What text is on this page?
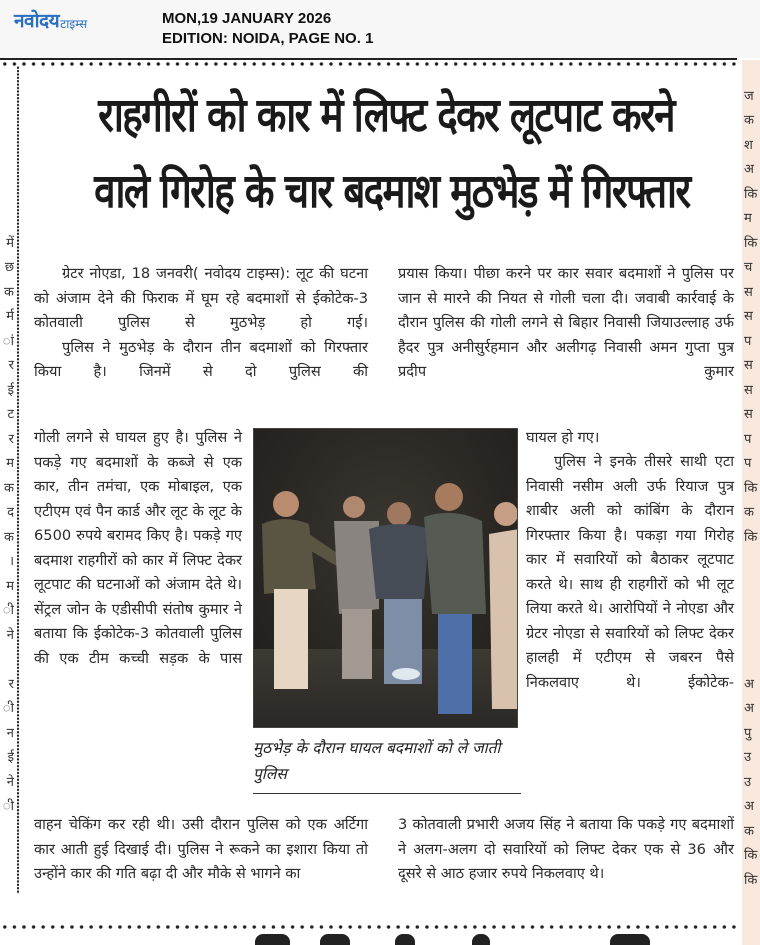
नवोदय टाइम्स	MON,19 JANUARY 2026
EDITION: NOIDA, PAGE NO. 1

में
छ
क
र्म
ां
र
ई
ट
र
म
क
द
क
।
म
ी
ने

र
ी
न
ई
ने
ी

ज
क
श
अ
कि
म
कि
च
स
स
प
स
स
स
प
प
कि
क
कि

अ
अ
पु
उ
उ
अ
क
कि
कि
राहगीरों को कार में लिफ्ट देकर लूटपाट करने
वाले गिरोह के चार बदमाश मुठभेड़ में गिरफ्तार

ग्रेटर नोएडा, 18 जनवरी( नवोदय टाइम्स): लूट की घटना को अंजाम देने की फिराक में घूम रहे बदमाशों से ईकोटेक-3 कोतवाली पुलिस से मुठभेड़ हो गई।

पुलिस ने मुठभेड़ के दौरान तीन बदमाशों को गिरफ्तार किया है। जिनमें से दो पुलिस की

गोली लगने से घायल हुए है। पुलिस ने पकड़े गए बदमाशों के कब्जे से एक कार, तीन तमंचा, एक मोबाइल, एक एटीएम एवं पैन कार्ड और लूट के लूट के 6500 रुपये बरामद किए है। पकड़े गए बदमाश राहगीरों को कार में लिफ्ट देकर लूटपाट की घटनाओं को अंजाम देते थे। सेंट्रल जोन के एडीसीपी संतोष कुमार ने बताया कि ईकोटेक-3 कोतवाली पुलिस की एक टीम कच्ची सड़क के पास

वाहन चेकिंग कर रही थी। उसी दौरान पुलिस को एक अर्टिगा कार आती हुई दिखाई दी। पुलिस ने रूकने का इशारा किया तो उन्होंने कार की गति बढ़ा दी और मौके से भागने का

प्रयास किया। पीछा करने पर कार सवार बदमाशों ने पुलिस पर जान से मारने की नियत से गोली चला दी। जवाबी कार्रवाई के दौरान पुलिस की गोली लगने से बिहार निवासी जियाउल्लाह उर्फ हैदर पुत्र अनीसुर्रहमान और अलीगढ़ निवासी अमन गुप्ता पुत्र प्रदीप कुमार

घायल हो गए।

पुलिस ने इनके तीसरे साथी एटा निवासी नसीम अली उर्फ रियाज पुत्र शाबीर अली को कांबिंग के दौरान गिरफ्तार किया है। पकड़ा गया गिरोह कार में सवारियों को बैठाकर लूटपाट करते थे। साथ ही राहगीरों को भी लूट लिया करते थे। आरोपियों ने नोएडा और ग्रेटर नोएडा से सवारियों को लिफ्ट देकर हालही में एटीएम से जबरन पैसे निकलवाए थे। ईकोटेक-

3 कोतवाली प्रभारी अजय सिंह ने बताया कि पकड़े गए बदमाशों ने अलग-अलग दो सवारियों को लिफ्ट देकर एक से 36 और दूसरे से आठ हजार रुपये निकलवाए थे।

मुठभेड़ के दौरान घायल बदमाशों को ले जाती पुलिस
